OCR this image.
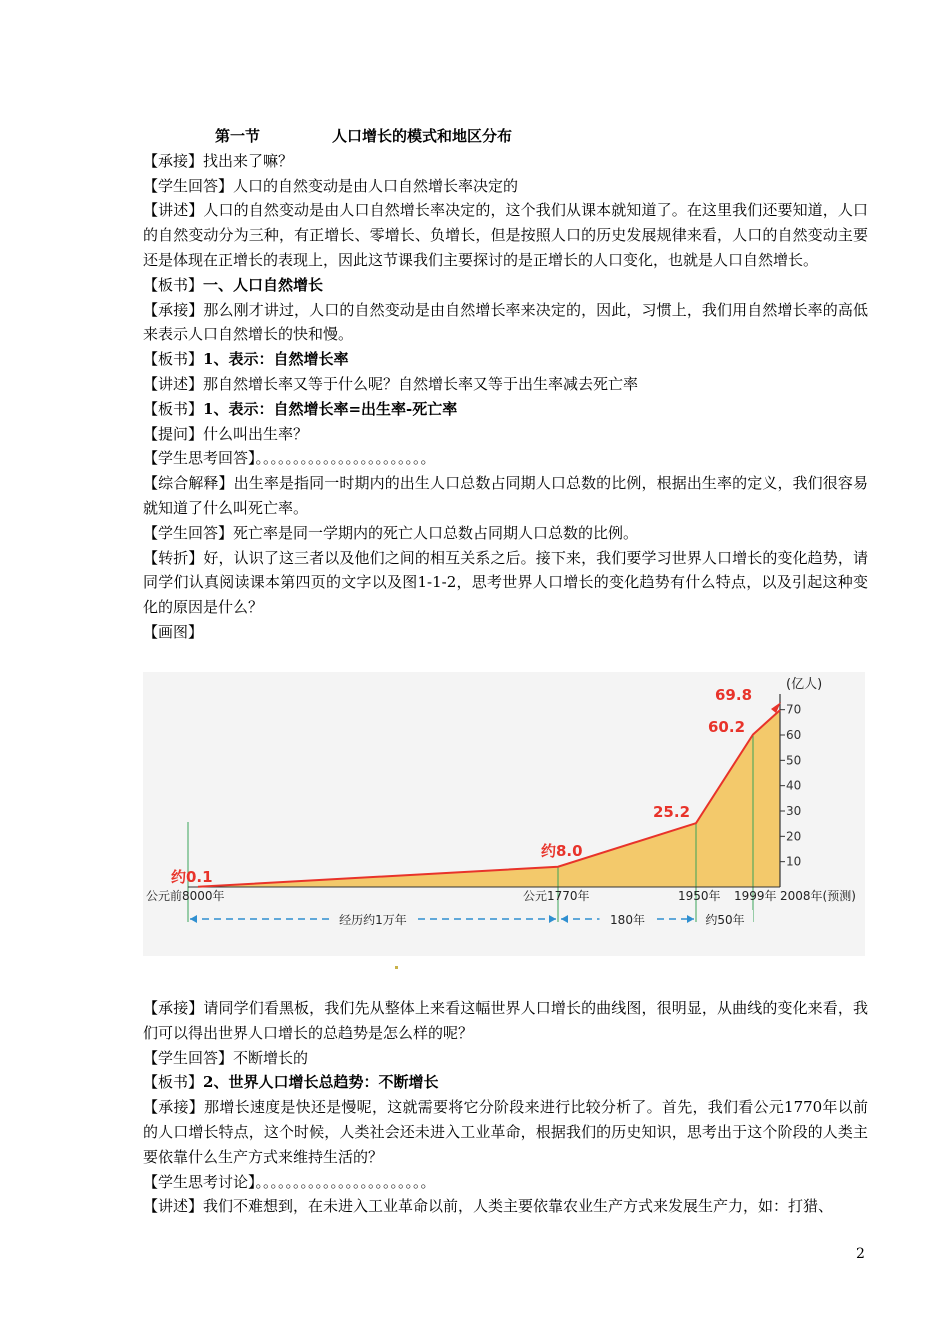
第一节	人口增长的模式和地区分布

【承接】找出来了嘛？

【学生回答】人口的自然变动是由人口自然增长率决定的

【讲述】人口的自然变动是由人口自然增长率决定的，这个我们从课本就知道了。在这里我们还要知道，人口的自然变动分为三种，有正增长、零增长、负增长，但是按照人口的历史发展规律来看，人口的自然变动主要还是体现在正增长的表现上，因此这节课我们主要探讨的是正增长的人口变化，也就是人口自然增长。

【板书】一、人口自然增长

【承接】那么刚才讲过，人口的自然变动是由自然增长率来决定的，因此，习惯上，我们用自然增长率的高低来表示人口自然增长的快和慢。

【板书】1、表示：自然增长率

【讲述】那自然增长率又等于什么呢？自然增长率又等于出生率减去死亡率

【板书】1、表示：自然增长率=出生率-死亡率

【提问】什么叫出生率？

【学生思考回答】。。。。。。。。。。。。。。。。。。。。。。。

【综合解释】出生率是指同一时期内的出生人口总数占同期人口总数的比例，根据出生率的定义，我们很容易就知道了什么叫死亡率。

【学生回答】死亡率是同一学期内的死亡人口总数占同期人口总数的比例。

【转折】好，认识了这三者以及他们之间的相互关系之后。接下来，我们要学习世界人口增长的变化趋势，请同学们认真阅读课本第四页的文字以及图1-1-2，思考世界人口增长的变化趋势有什么特点，以及引起这种变化的原因是什么？

【画图】

10
20
30
40
50
60
70
(亿人)
约0.1
约8.0
25.2
60.2
69.8
公元前8000年	公元1770年	1950年 1999年 2008年(预测)
经历约1万年	180年	约50年

【承接】请同学们看黑板，我们先从整体上来看这幅世界人口增长的曲线图，很明显，从曲线的变化来看，我们可以得出世界人口增长的总趋势是怎么样的呢？

【学生回答】不断增长的

【板书】2、世界人口增长总趋势：不断增长

【承接】那增长速度是快还是慢呢，这就需要将它分阶段来进行比较分析了。首先，我们看公元1770年以前的人口增长特点，这个时候，人类社会还未进入工业革命，根据我们的历史知识，思考出于这个阶段的人类主要依靠什么生产方式来维持生活的？

【学生思考讨论】。。。。。。。。。。。。。。。。。。。。。。。

【讲述】我们不难想到，在未进入工业革命以前，人类主要依靠农业生产方式来发展生产力，如：打猎、

2
